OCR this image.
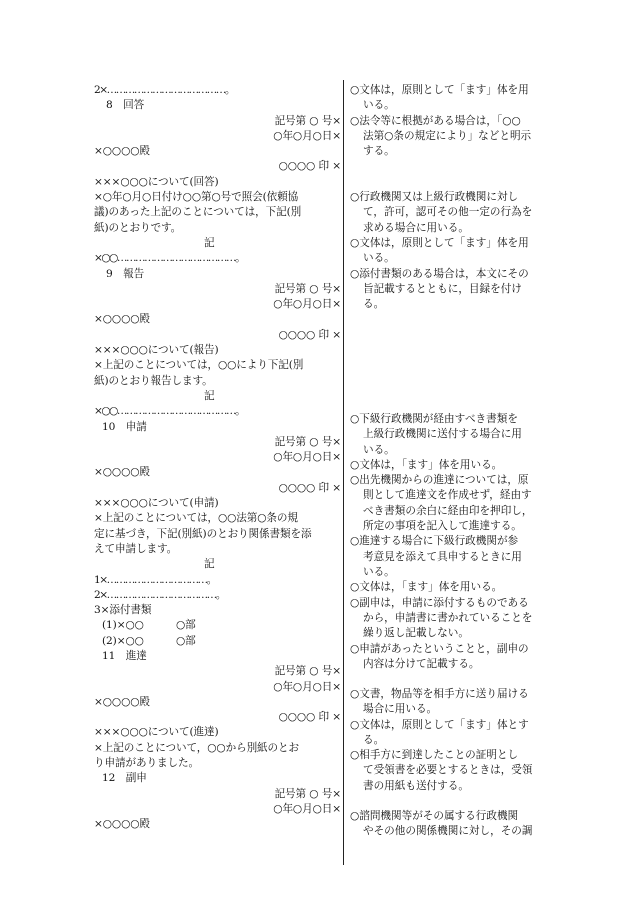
2×…………………………………。
8　回答
記号第 ○ 号×
○年○月○日×
×○○○○殿
○○○○ 印 ×
×××○○○について(回答)
×○年○月○日付け○○第○号で照会(依頼協
議)のあった上記のことについては，下記(別
紙)のとおりです。
記
×○○…………………………………。
9　報告
記号第 ○ 号×
○年○月○日×
×○○○○殿
○○○○ 印 ×
×××○○○について(報告)
×上記のことについては，○○により下記(別
紙)のとおり報告します。
記
×○○…………………………………。
10　申請
記号第 ○ 号×
○年○月○日×
×○○○○殿
○○○○ 印 ×
×××○○○について(申請)
×上記のことについては，○○法第○条の規
定に基づき，下記(別紙)のとおり関係書類を添
えて申請します。
記
1×……………………………。
2×………………………………。
3×添付書類
(1)×○○	○部
(2)×○○	○部
11　進達
記号第 ○ 号×
○年○月○日×
×○○○○殿
○○○○ 印 ×
×××○○○について(進達)
×上記のことについて，○○から別紙のとお
り申請がありました。
12　副申
記号第 ○ 号×
○年○月○日×
×○○○○殿
○文体は，原則として「ます」体を用
いる。
○法令等に根拠がある場合は，「○○
法第○条の規定により」などと明示
する。
○行政機関又は上級行政機関に対し
て，許可，認可その他一定の行為を
求める場合に用いる。
○文体は，原則として「ます」体を用
いる。
○添付書類のある場合は，本文にその
旨記載するとともに，目録を付け
る。
○下級行政機関が経由すべき書類を
上級行政機関に送付する場合に用
いる。
○文体は，「ます」体を用いる。
○出先機関からの進達については，原
則として進達文を作成せず，経由す
べき書類の余白に経由印を押印し，
所定の事項を記入して進達する。
○進達する場合に下級行政機関が参
考意見を添えて具申するときに用
いる。
○文体は，「ます」体を用いる。
○副申は，申請に添付するものである
から，申請書に書かれていることを
繰り返し記載しない。
○申請があったということと，副申の
内容は分けて記載する。
○文書，物品等を相手方に送り届ける
場合に用いる。
○文体は，原則として「ます」体とす
る。
○相手方に到達したことの証明とし
て受領書を必要とするときは，受領
書の用紙も送付する。
○諮問機関等がその属する行政機関
やその他の関係機関に対し，その調
